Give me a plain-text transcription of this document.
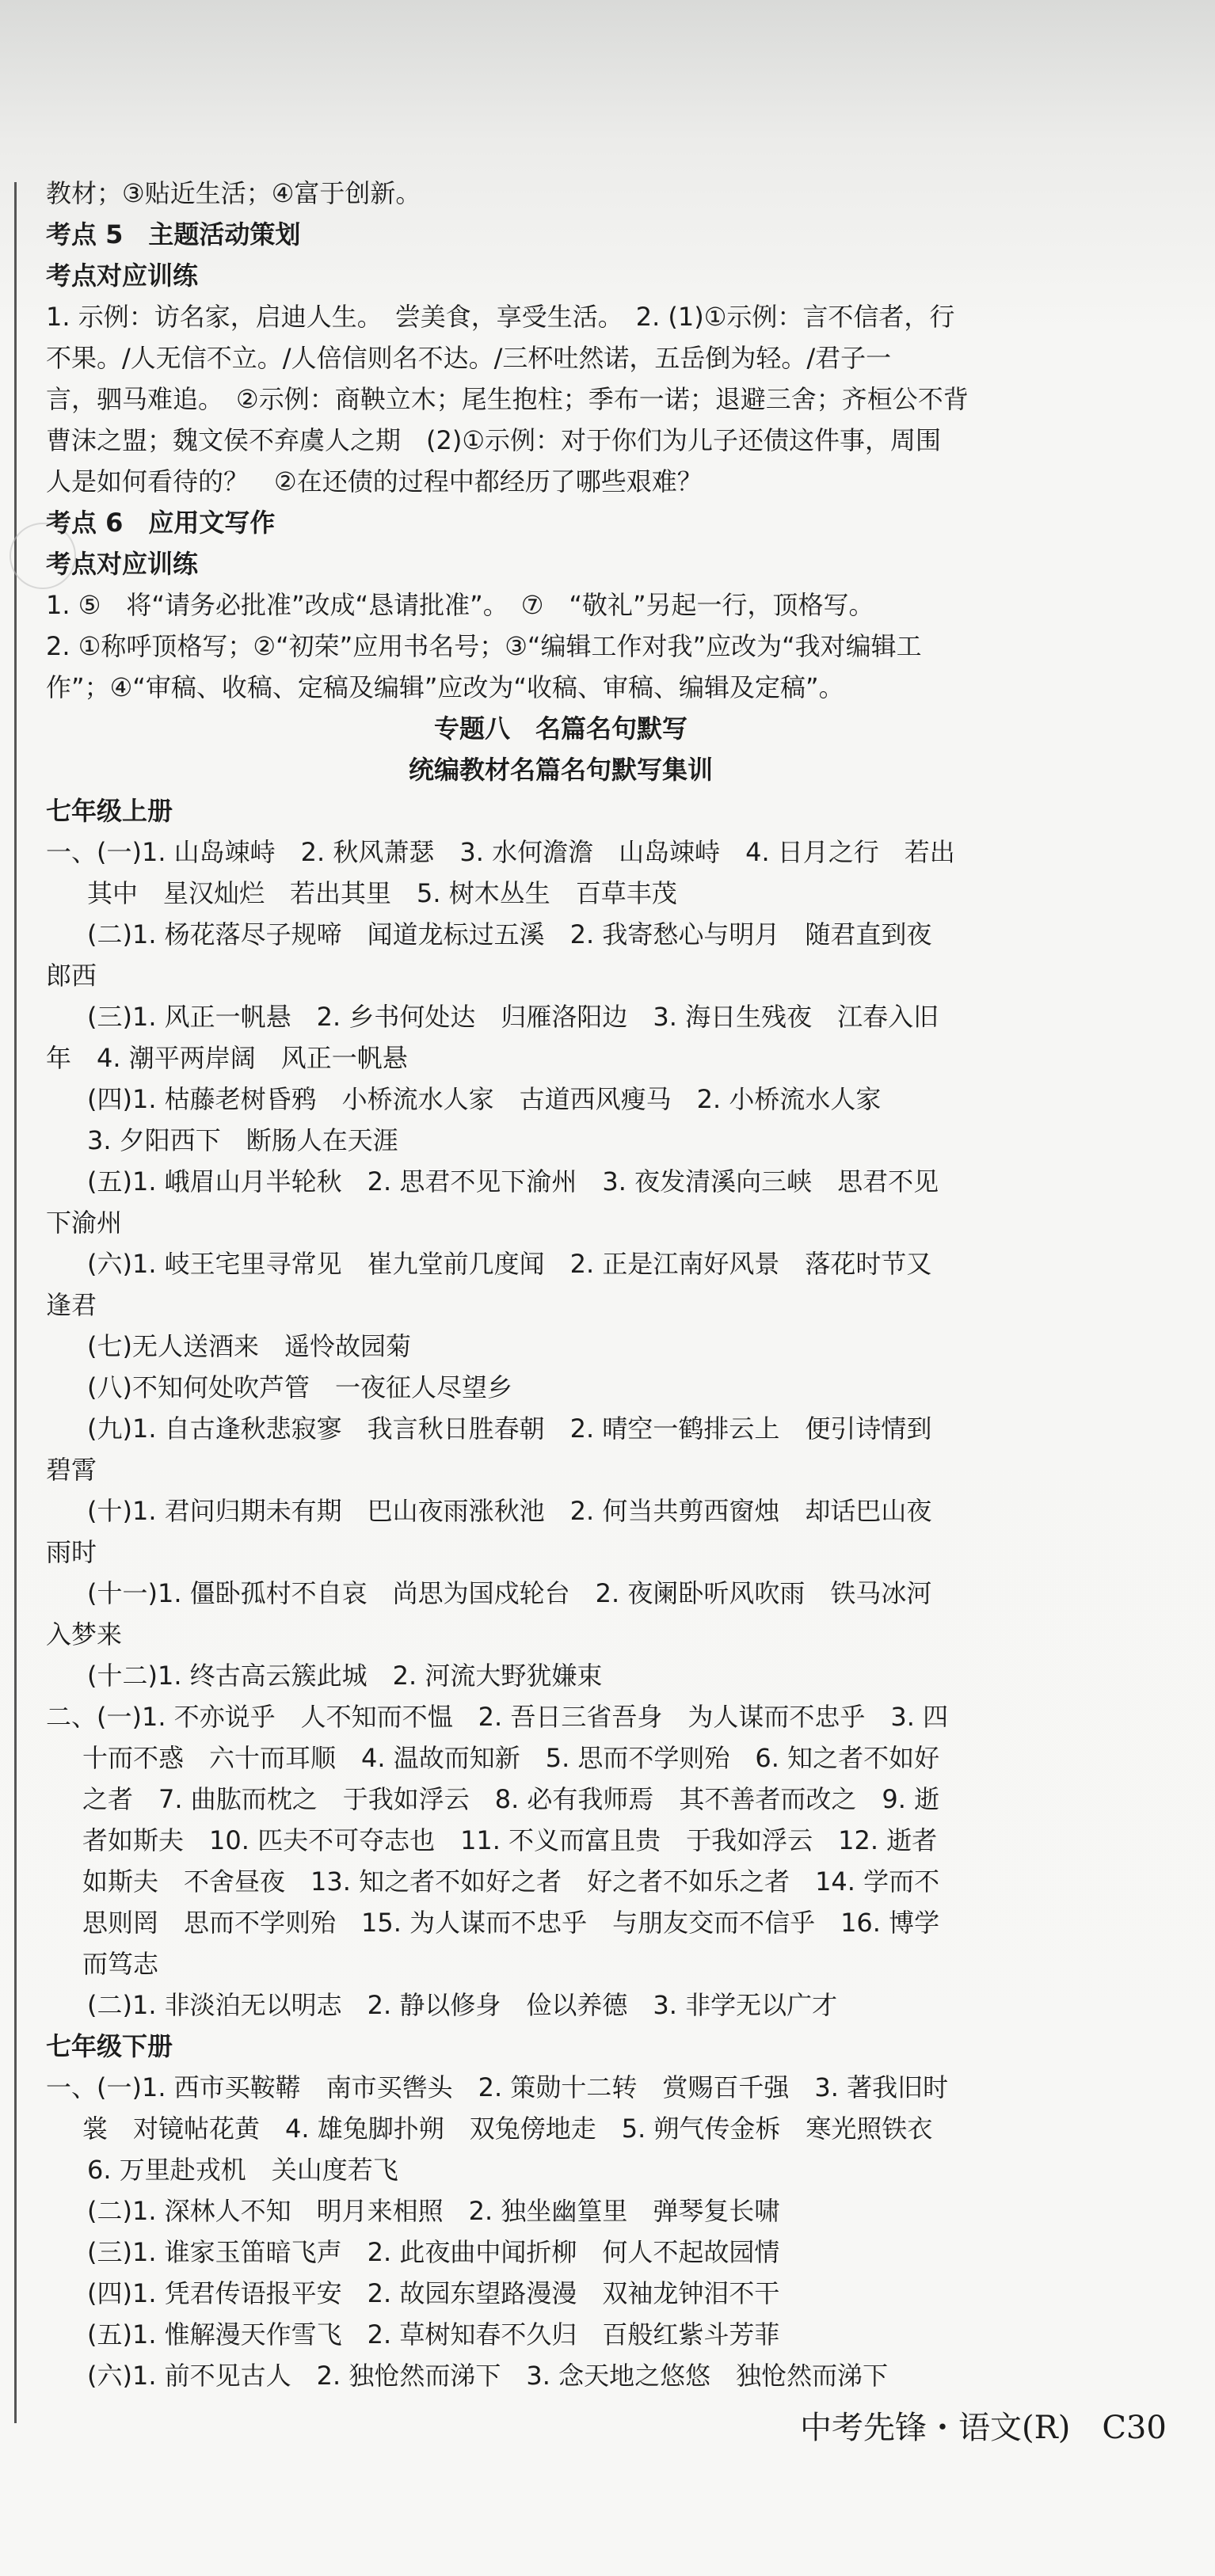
教材；③贴近生活；④富于创新。
考点 5　主题活动策划
考点对应训练
1. 示例：访名家，启迪人生。　尝美食，享受生活。　2. (1)①示例：言不信者，行
不果。/人无信不立。/人倍信则名不达。/三杯吐然诺，五岳倒为轻。/君子一
言，驷马难追。　②示例：商鞅立木；尾生抱柱；季布一诺；退避三舍；齐桓公不背
曹沫之盟；魏文侯不弃虞人之期　(2)①示例：对于你们为儿子还债这件事，周围
人是如何看待的？　②在还债的过程中都经历了哪些艰难？
考点 6　应用文写作
考点对应训练
1. ⑤　将“请务必批准”改成“恳请批准”。　⑦　“敬礼”另起一行，顶格写。
2. ①称呼顶格写；②“初荣”应用书名号；③“编辑工作对我”应改为“我对编辑工
作”；④“审稿、收稿、定稿及编辑”应改为“收稿、审稿、编辑及定稿”。
专题八　名篇名句默写
统编教材名篇名句默写集训
七年级上册
一、(一)1. 山岛竦峙　2. 秋风萧瑟　3. 水何澹澹　山岛竦峙　4. 日月之行　若出
其中　星汉灿烂　若出其里　5. 树木丛生　百草丰茂
(二)1. 杨花落尽子规啼　闻道龙标过五溪　2. 我寄愁心与明月　随君直到夜
郎西
(三)1. 风正一帆悬　2. 乡书何处达　归雁洛阳边　3. 海日生残夜　江春入旧
年　4. 潮平两岸阔　风正一帆悬
(四)1. 枯藤老树昏鸦　小桥流水人家　古道西风瘦马　2. 小桥流水人家
3. 夕阳西下　断肠人在天涯
(五)1. 峨眉山月半轮秋　2. 思君不见下渝州　3. 夜发清溪向三峡　思君不见
下渝州
(六)1. 岐王宅里寻常见　崔九堂前几度闻　2. 正是江南好风景　落花时节又
逢君
(七)无人送酒来　遥怜故园菊
(八)不知何处吹芦管　一夜征人尽望乡
(九)1. 自古逢秋悲寂寥　我言秋日胜春朝　2. 晴空一鹤排云上　便引诗情到
碧霄
(十)1. 君问归期未有期　巴山夜雨涨秋池　2. 何当共剪西窗烛　却话巴山夜
雨时
(十一)1. 僵卧孤村不自哀　尚思为国戍轮台　2. 夜阑卧听风吹雨　铁马冰河
入梦来
(十二)1. 终古高云簇此城　2. 河流大野犹嫌束
二、(一)1. 不亦说乎　人不知而不愠　2. 吾日三省吾身　为人谋而不忠乎　3. 四
十而不惑　六十而耳顺　4. 温故而知新　5. 思而不学则殆　6. 知之者不如好
之者　7. 曲肱而枕之　于我如浮云　8. 必有我师焉　其不善者而改之　9. 逝
者如斯夫　10. 匹夫不可夺志也　11. 不义而富且贵　于我如浮云　12. 逝者
如斯夫　不舍昼夜　13. 知之者不如好之者　好之者不如乐之者　14. 学而不
思则罔　思而不学则殆　15. 为人谋而不忠乎　与朋友交而不信乎　16. 博学
而笃志
(二)1. 非淡泊无以明志　2. 静以修身　俭以养德　3. 非学无以广才
七年级下册
一、(一)1. 西市买鞍鞯　南市买辔头　2. 策勋十二转　赏赐百千强　3. 著我旧时
裳　对镜帖花黄　4. 雄兔脚扑朔　双兔傍地走　5. 朔气传金柝　寒光照铁衣
6. 万里赴戎机　关山度若飞
(二)1. 深林人不知　明月来相照　2. 独坐幽篁里　弹琴复长啸
(三)1. 谁家玉笛暗飞声　2. 此夜曲中闻折柳　何人不起故园情
(四)1. 凭君传语报平安　2. 故园东望路漫漫　双袖龙钟泪不干
(五)1. 惟解漫天作雪飞　2. 草树知春不久归　百般红紫斗芳菲
(六)1. 前不见古人　2. 独怆然而涕下　3. 念天地之悠悠　独怆然而涕下
中考先锋・语文(R)　C30
